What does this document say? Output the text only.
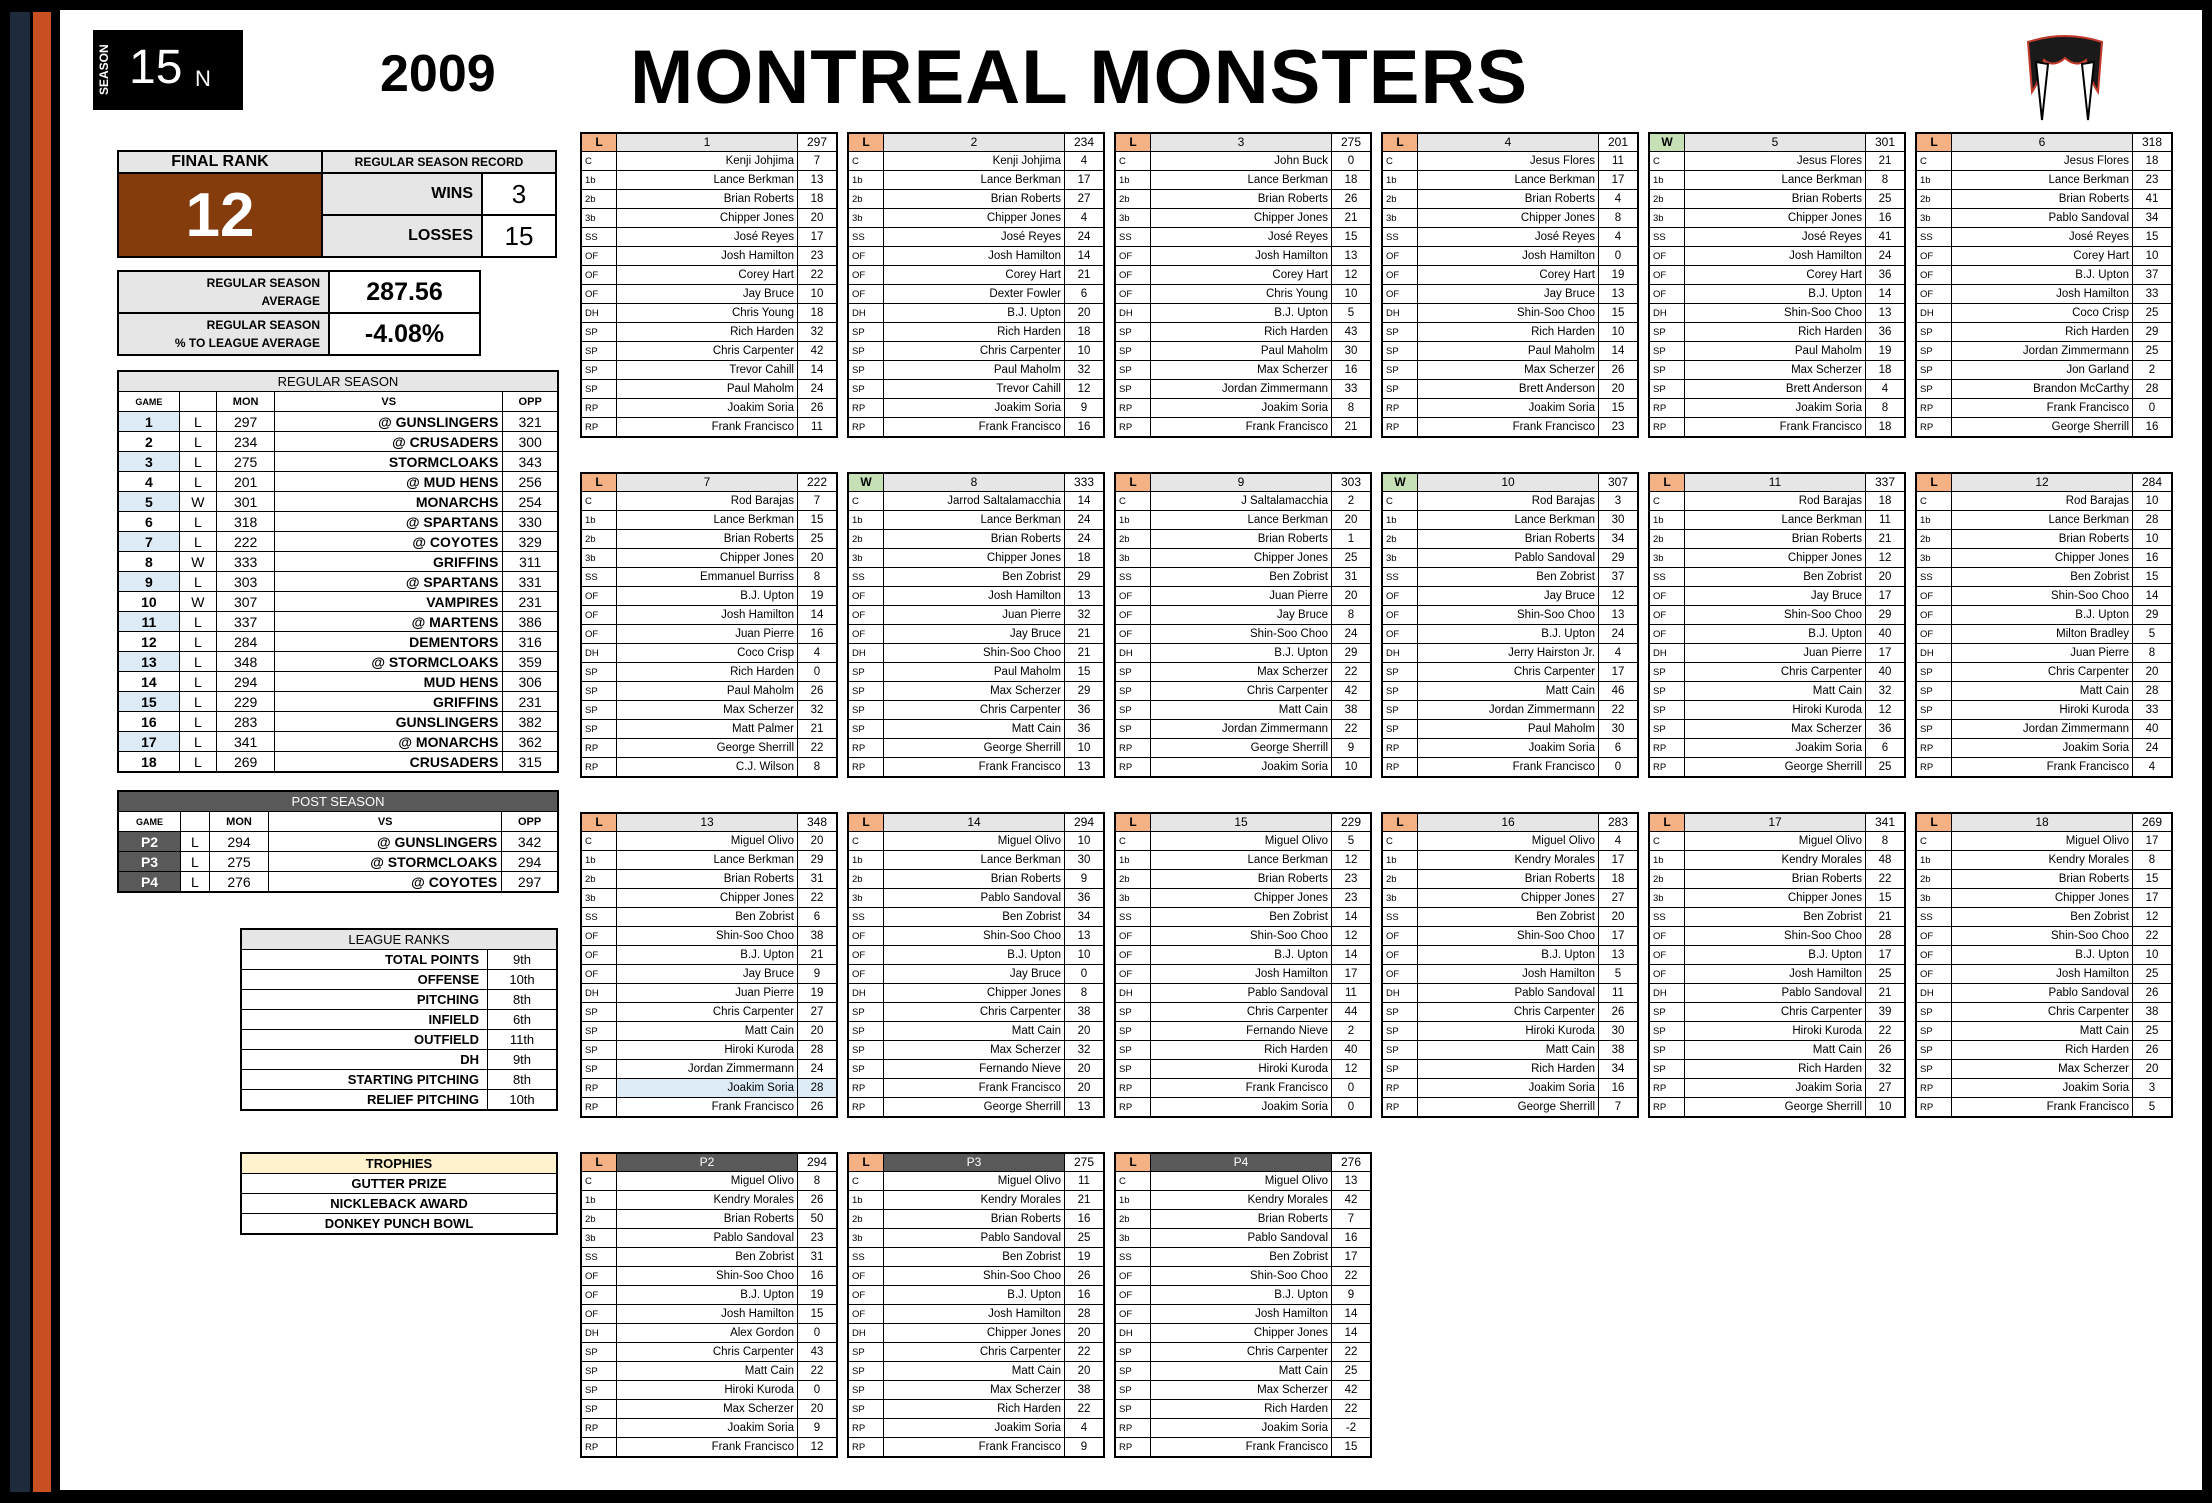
SEASON 15 N	2009 MONTREAL MONSTERS
FINAL RANK	REGULAR SEASON RECORD	
12	WINS	3
	LOSSES	15
REGULAR SEASON
AVERAGE	287.56
REGULAR SEASON
% TO LEAGUE AVERAGE	-4.08%
REGULAR SEASON				
GAME		MON	VS	OPP
1	L	297	@ GUNSLINGERS	321
2	L	234	@ CRUSADERS	300
3	L	275	STORMCLOAKS	343
4	L	201	@ MUD HENS	256
5	W	301	MONARCHS	254
6	L	318	@ SPARTANS	330
7	L	222	@ COYOTES	329
8	W	333	GRIFFINS	311
9	L	303	@ SPARTANS	331
10	W	307	VAMPIRES	231
11	L	337	@ MARTENS	386
12	L	284	DEMENTORS	316
13	L	348	@ STORMCLOAKS	359
14	L	294	MUD HENS	306
15	L	229	GRIFFINS	231
16	L	283	GUNSLINGERS	382
17	L	341	@ MONARCHS	362
18	L	269	CRUSADERS	315
POST SEASON				
GAME		MON	VS	OPP
P2	L	294	@ GUNSLINGERS	342
P3	L	275	@ STORMCLOAKS	294
P4	L	276	@ COYOTES	297
LEAGUE RANKS	
TOTAL POINTS	9th
OFFENSE	10th
PITCHING	8th
INFIELD	6th
OUTFIELD	11th
DH	9th
STARTING PITCHING	8th
RELIEF PITCHING	10th
TROPHIES
GUTTER PRIZE
NICKLEBACK AWARD
DONKEY PUNCH BOWL
L	1	297
C	Kenji Johjima	7
1b	Lance Berkman	13
2b	Brian Roberts	18
3b	Chipper Jones	20
SS	José Reyes	17
OF	Josh Hamilton	23
OF	Corey Hart	22
OF	Jay Bruce	10
DH	Chris Young	18
SP	Rich Harden	32
SP	Chris Carpenter	42
SP	Trevor Cahill	14
SP	Paul Maholm	24
RP	Joakim Soria	26
RP	Frank Francisco	11
L	2	234
C	Kenji Johjima	4
1b	Lance Berkman	17
2b	Brian Roberts	27
3b	Chipper Jones	4
SS	José Reyes	24
OF	Josh Hamilton	14
OF	Corey Hart	21
OF	Dexter Fowler	6
DH	B.J. Upton	20
SP	Rich Harden	18
SP	Chris Carpenter	10
SP	Paul Maholm	32
SP	Trevor Cahill	12
RP	Joakim Soria	9
RP	Frank Francisco	16
L	3	275
C	John Buck	0
1b	Lance Berkman	18
2b	Brian Roberts	26
3b	Chipper Jones	21
SS	José Reyes	15
OF	Josh Hamilton	13
OF	Corey Hart	12
OF	Chris Young	10
DH	B.J. Upton	5
SP	Rich Harden	43
SP	Paul Maholm	30
SP	Max Scherzer	16
SP	Jordan Zimmermann	33
RP	Joakim Soria	8
RP	Frank Francisco	21
L	4	201
C	Jesus Flores	11
1b	Lance Berkman	17
2b	Brian Roberts	4
3b	Chipper Jones	8
SS	José Reyes	4
OF	Josh Hamilton	0
OF	Corey Hart	19
OF	Jay Bruce	13
DH	Shin-Soo Choo	15
SP	Rich Harden	10
SP	Paul Maholm	14
SP	Max Scherzer	26
SP	Brett Anderson	20
RP	Joakim Soria	15
RP	Frank Francisco	23
W	5	301
C	Jesus Flores	21
1b	Lance Berkman	8
2b	Brian Roberts	25
3b	Chipper Jones	16
SS	José Reyes	41
OF	Josh Hamilton	24
OF	Corey Hart	36
OF	B.J. Upton	14
DH	Shin-Soo Choo	13
SP	Rich Harden	36
SP	Paul Maholm	19
SP	Max Scherzer	18
SP	Brett Anderson	4
RP	Joakim Soria	8
RP	Frank Francisco	18
L	6	318
C	Jesus Flores	18
1b	Lance Berkman	23
2b	Brian Roberts	41
3b	Pablo Sandoval	34
SS	José Reyes	15
OF	Corey Hart	10
OF	B.J. Upton	37
OF	Josh Hamilton	33
DH	Coco Crisp	25
SP	Rich Harden	29
SP	Jordan Zimmermann	25
SP	Jon Garland	2
SP	Brandon McCarthy	28
RP	Frank Francisco	0
RP	George Sherrill	16
L	7	222
C	Rod Barajas	7
1b	Lance Berkman	15
2b	Brian Roberts	25
3b	Chipper Jones	20
SS	Emmanuel Burriss	8
OF	B.J. Upton	19
OF	Josh Hamilton	14
OF	Juan Pierre	16
DH	Coco Crisp	4
SP	Rich Harden	0
SP	Paul Maholm	26
SP	Max Scherzer	32
SP	Matt Palmer	21
RP	George Sherrill	22
RP	C.J. Wilson	8
W	8	333
C	Jarrod Saltalamacchia	14
1b	Lance Berkman	24
2b	Brian Roberts	24
3b	Chipper Jones	18
SS	Ben Zobrist	29
OF	Josh Hamilton	13
OF	Juan Pierre	32
OF	Jay Bruce	21
DH	Shin-Soo Choo	21
SP	Paul Maholm	15
SP	Max Scherzer	29
SP	Chris Carpenter	36
SP	Matt Cain	36
RP	George Sherrill	10
RP	Frank Francisco	13
L	9	303
C	J Saltalamacchia	2
1b	Lance Berkman	20
2b	Brian Roberts	1
3b	Chipper Jones	25
SS	Ben Zobrist	31
OF	Juan Pierre	20
OF	Jay Bruce	8
OF	Shin-Soo Choo	24
DH	B.J. Upton	29
SP	Max Scherzer	22
SP	Chris Carpenter	42
SP	Matt Cain	38
SP	Jordan Zimmermann	22
RP	George Sherrill	9
RP	Joakim Soria	10
W	10	307
C	Rod Barajas	3
1b	Lance Berkman	30
2b	Brian Roberts	34
3b	Pablo Sandoval	29
SS	Ben Zobrist	37
OF	Jay Bruce	12
OF	Shin-Soo Choo	13
OF	B.J. Upton	24
DH	Jerry Hairston Jr.	4
SP	Chris Carpenter	17
SP	Matt Cain	46
SP	Jordan Zimmermann	22
SP	Paul Maholm	30
RP	Joakim Soria	6
RP	Frank Francisco	0
L	11	337
C	Rod Barajas	18
1b	Lance Berkman	11
2b	Brian Roberts	21
3b	Chipper Jones	12
SS	Ben Zobrist	20
OF	Jay Bruce	17
OF	Shin-Soo Choo	29
OF	B.J. Upton	40
DH	Juan Pierre	17
SP	Chris Carpenter	40
SP	Matt Cain	32
SP	Hiroki Kuroda	12
SP	Max Scherzer	36
RP	Joakim Soria	6
RP	George Sherrill	25
L	12	284
C	Rod Barajas	10
1b	Lance Berkman	28
2b	Brian Roberts	10
3b	Chipper Jones	16
SS	Ben Zobrist	15
OF	Shin-Soo Choo	14
OF	B.J. Upton	29
OF	Milton Bradley	5
DH	Juan Pierre	8
SP	Chris Carpenter	20
SP	Matt Cain	28
SP	Hiroki Kuroda	33
SP	Jordan Zimmermann	40
RP	Joakim Soria	24
RP	Frank Francisco	4
L	13	348
C	Miguel Olivo	20
1b	Lance Berkman	29
2b	Brian Roberts	31
3b	Chipper Jones	22
SS	Ben Zobrist	6
OF	Shin-Soo Choo	38
OF	B.J. Upton	21
OF	Jay Bruce	9
DH	Juan Pierre	19
SP	Chris Carpenter	27
SP	Matt Cain	20
SP	Hiroki Kuroda	28
SP	Jordan Zimmermann	24
RP	Joakim Soria	28
RP	Frank Francisco	26
L	14	294
C	Miguel Olivo	10
1b	Lance Berkman	30
2b	Brian Roberts	9
3b	Pablo Sandoval	36
SS	Ben Zobrist	34
OF	Shin-Soo Choo	13
OF	B.J. Upton	10
OF	Jay Bruce	0
DH	Chipper Jones	8
SP	Chris Carpenter	38
SP	Matt Cain	20
SP	Max Scherzer	32
SP	Fernando Nieve	20
RP	Frank Francisco	20
RP	George Sherrill	13
L	15	229
C	Miguel Olivo	5
1b	Lance Berkman	12
2b	Brian Roberts	23
3b	Chipper Jones	23
SS	Ben Zobrist	14
OF	Shin-Soo Choo	12
OF	B.J. Upton	14
OF	Josh Hamilton	17
DH	Pablo Sandoval	11
SP	Chris Carpenter	44
SP	Fernando Nieve	2
SP	Rich Harden	40
SP	Hiroki Kuroda	12
RP	Frank Francisco	0
RP	Joakim Soria	0
L	16	283
C	Miguel Olivo	4
1b	Kendry Morales	17
2b	Brian Roberts	18
3b	Chipper Jones	27
SS	Ben Zobrist	20
OF	Shin-Soo Choo	17
OF	B.J. Upton	13
OF	Josh Hamilton	5
DH	Pablo Sandoval	11
SP	Chris Carpenter	26
SP	Hiroki Kuroda	30
SP	Matt Cain	38
SP	Rich Harden	34
RP	Joakim Soria	16
RP	George Sherrill	7
L	17	341
C	Miguel Olivo	8
1b	Kendry Morales	48
2b	Brian Roberts	22
3b	Chipper Jones	15
SS	Ben Zobrist	21
OF	Shin-Soo Choo	28
OF	B.J. Upton	17
OF	Josh Hamilton	25
DH	Pablo Sandoval	21
SP	Chris Carpenter	39
SP	Hiroki Kuroda	22
SP	Matt Cain	26
SP	Rich Harden	32
RP	Joakim Soria	27
RP	George Sherrill	10
L	18	269
C	Miguel Olivo	17
1b	Kendry Morales	8
2b	Brian Roberts	15
3b	Chipper Jones	17
SS	Ben Zobrist	12
OF	Shin-Soo Choo	22
OF	B.J. Upton	10
OF	Josh Hamilton	25
DH	Pablo Sandoval	26
SP	Chris Carpenter	38
SP	Matt Cain	25
SP	Rich Harden	26
SP	Max Scherzer	20
RP	Joakim Soria	3
RP	Frank Francisco	5
L	P2	294
C	Miguel Olivo	8
1b	Kendry Morales	26
2b	Brian Roberts	50
3b	Pablo Sandoval	23
SS	Ben Zobrist	31
OF	Shin-Soo Choo	16
OF	B.J. Upton	19
OF	Josh Hamilton	15
DH	Alex Gordon	0
SP	Chris Carpenter	43
SP	Matt Cain	22
SP	Hiroki Kuroda	0
SP	Max Scherzer	20
RP	Joakim Soria	9
RP	Frank Francisco	12
L	P3	275
C	Miguel Olivo	11
1b	Kendry Morales	21
2b	Brian Roberts	16
3b	Pablo Sandoval	25
SS	Ben Zobrist	19
OF	Shin-Soo Choo	26
OF	B.J. Upton	16
OF	Josh Hamilton	28
DH	Chipper Jones	20
SP	Chris Carpenter	22
SP	Matt Cain	20
SP	Max Scherzer	38
SP	Rich Harden	22
RP	Joakim Soria	4
RP	Frank Francisco	9
L	P4	276
C	Miguel Olivo	13
1b	Kendry Morales	42
2b	Brian Roberts	7
3b	Pablo Sandoval	16
SS	Ben Zobrist	17
OF	Shin-Soo Choo	22
OF	B.J. Upton	9
OF	Josh Hamilton	14
DH	Chipper Jones	14
SP	Chris Carpenter	22
SP	Matt Cain	25
SP	Max Scherzer	42
SP	Rich Harden	22
RP	Joakim Soria	-2
RP	Frank Francisco	15
